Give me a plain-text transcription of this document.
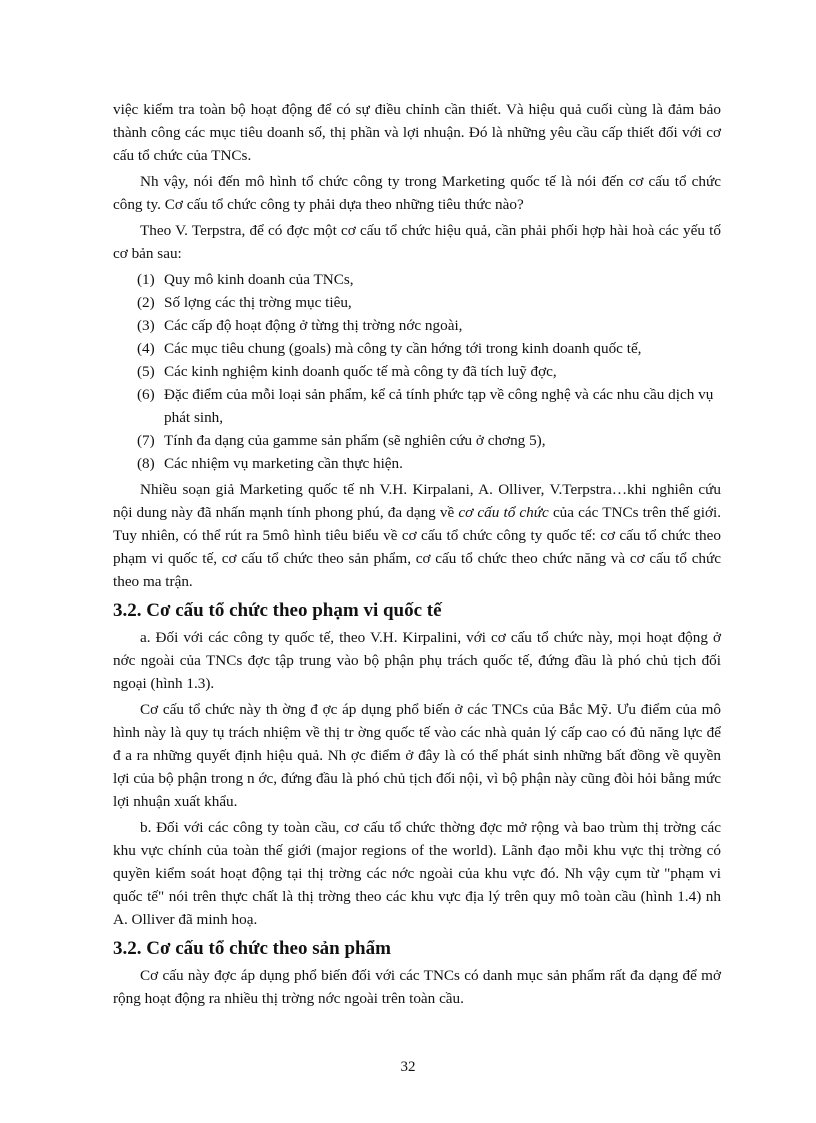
việc kiểm tra toàn bộ hoạt động để có sự điều chỉnh cần thiết. Và hiệu quả cuối cùng là đảm bảo thành công các mục tiêu doanh số, thị phần và lợi nhuận. Đó là những yêu cầu cấp thiết đối với cơ cấu tổ chức của TNCs.

Nh vậy, nói đến mô hình tổ chức công ty trong Marketing quốc tế là nói đến cơ cấu tổ chức công ty. Cơ cấu tổ chức công ty phải dựa theo những tiêu thức nào?

Theo V. Terpstra, để có đợc một cơ cấu tổ chức hiệu quả, cần phải phối hợp hài hoà các yếu tố cơ bản sau:

(1) Quy mô kinh doanh của TNCs,
(2) Số lợng các thị trờng mục tiêu,
(3) Các cấp độ hoạt động ở từng thị trờng nớc ngoài,
(4) Các mục tiêu chung (goals) mà công ty cần hớng tới trong kinh doanh quốc tế,
(5) Các kinh nghiệm kinh doanh quốc tế mà công ty đã tích luỹ đợc,
(6) Đặc điểm của mỗi loại sản phẩm, kể cả tính phức tạp về công nghệ và các nhu cầu dịch vụ phát sinh,
(7) Tính đa dạng của gamme sản phẩm (sẽ nghiên cứu ở chơng 5),
(8) Các nhiệm vụ marketing cần thực hiện.

Nhiều soạn giả Marketing quốc tế nh V.H. Kirpalani, A. Olliver, V.Terpstra…khi nghiên cứu nội dung này đã nhấn mạnh tính phong phú, đa dạng về cơ cấu tổ chức của các TNCs trên thế giới. Tuy nhiên, có thể rút ra 5mô hình tiêu biểu về cơ cấu tổ chức công ty quốc tế: cơ cấu tổ chức theo phạm vi quốc tế, cơ cấu tổ chức theo sản phẩm, cơ cấu tổ chức theo chức năng và cơ cấu tổ chức theo ma trận.

3.2. Cơ cấu tổ chức theo phạm vi quốc tế

a. Đối với các công ty quốc tế, theo V.H. Kirpalini, với cơ cấu tổ chức này, mọi hoạt động ở nớc ngoài của TNCs đợc tập trung vào bộ phận phụ trách quốc tế, đứng đầu là phó chủ tịch đối ngoại (hình 1.3).

Cơ cấu tổ chức này th ờng đ ợc áp dụng phổ biến ở các TNCs của Bắc Mỹ. Ưu điểm của mô hình này là quy tụ trách nhiệm về thị tr ờng quốc tế vào các nhà quản lý cấp cao có đủ năng lực để đ a ra những quyết định hiệu quả. Nh ợc điểm ở đây là có thể phát sinh những bất đồng về quyền lợi của bộ phận trong n ớc, đứng đầu là phó chủ tịch đối nội, vì bộ phận này cũng đòi hỏi bằng mức lợi nhuận xuất khẩu.

b. Đối với các công ty toàn cầu, cơ cấu tổ chức thờng đợc mở rộng và bao trùm thị trờng các khu vực chính của toàn thế giới (major regions of the world). Lãnh đạo mỗi khu vực thị trờng có quyền kiểm soát hoạt động tại thị trờng các nớc ngoài của khu vực đó. Nh vậy cụm từ "phạm vi quốc tế" nói trên thực chất là thị trờng theo các khu vực địa lý trên quy mô toàn cầu (hình 1.4) nh A. Olliver đã minh hoạ.

3.2. Cơ cấu tổ chức theo sản phẩm

Cơ cấu này đợc áp dụng phổ biến đối với các TNCs có danh mục sản phẩm rất đa dạng để mở rộng hoạt động ra nhiều thị trờng nớc ngoài trên toàn cầu.

32
